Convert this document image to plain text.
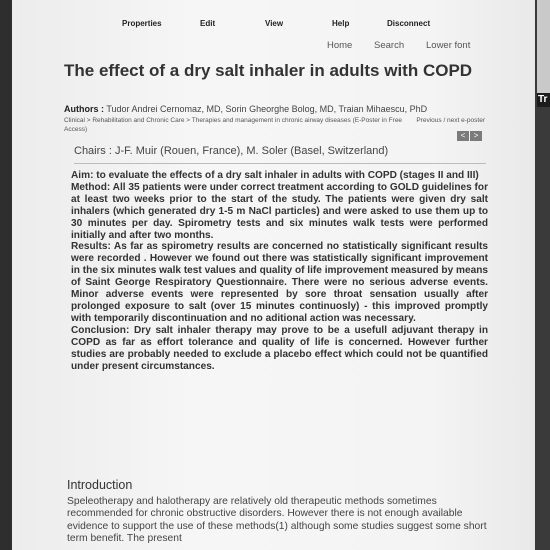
Properties	Edit	View	Help	Disconnect
Home Search Lower font
The effect of a dry salt inhaler in adults with COPD
Authors : Tudor Andrei Cernomaz, MD, Sorin Gheorghe Bolog, MD, Traian Mihaescu, PhD
Clinical > Rehabilitation and Chronic Care > Therapies and management in chronic airway diseases (E-Poster in Free Access)
Previous / next e-poster
< >
Chairs : J-F. Muir (Rouen, France), M. Soler (Basel, Switzerland)

Aim: to evaluate the effects of a dry salt inhaler in adults with COPD (stages II and III)

Method: All 35 patients were under correct treatment according to GOLD guidelines for at least two weeks prior to the start of the study. The patients were given dry salt inhalers (which generated dry 1-5 m NaCl particles) and were asked to use them up to 30 minutes per day. Spirometry tests and six minutes walk tests were performed initially and after two months.

Results: As far as spirometry results are concerned no statistically significant results were recorded . However we found out there was statistically significant improvement in the six minutes walk test values and quality of life improvement measured by means of Saint George Respiratory Questionnaire. There were no serious adverse events. Minor adverse events were represented by sore throat sensation usually after prolonged exposure to salt (over 15 minutes continuosly) - this improved promptly with temporarily discontinuation and no aditional action was necessary.

Conclusion: Dry salt inhaler therapy may prove to be a usefull adjuvant therapy in COPD as far as effort tolerance and quality of life is concerned. However further studies are probably needed to exclude a placebo effect which could not be quantified under present circumstances.

Introduction

Speleotherapy and halotherapy are relatively old therapeutic methods sometimes recommended for chronic obstructive disorders. However there is not enough available evidence to support the use of these methods(1) although some studies suggest some short term benefit. The present

Tr
